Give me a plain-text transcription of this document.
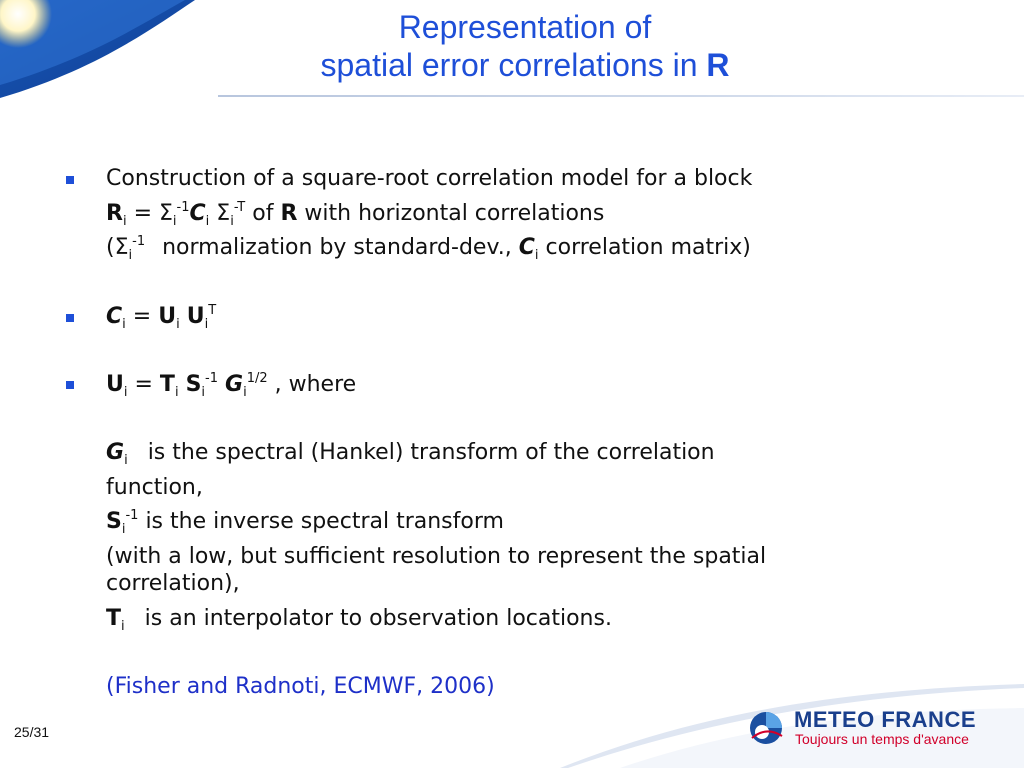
Representation of
spatial error correlations in R
Construction of a square-root correlation model for a block
$R_i = \Sigma_i^{-1}C_i$ $\Sigma_i^{-T}$ of R with horizontal correlations
($\Sigma_i^{-1}$ normalization by standard-dev., $C_i$ correlation matrix)
$C_i = U_i$ $U_i^T$
$U_i = T_i$ $S_i^{-1}$ $G_i^{1/2}$ , where
$G_i$ is the spectral (Hankel) transform of the correlation
function,
$S_i^{-1}$ is the inverse spectral transform
(with a low, but sufficient resolution to represent the spatial
correlation),
$T_i$ is an interpolator to observation locations.
(Fisher and Radnoti, ECMWF, 2006)
25/31	METEO FRANCE
Toujours un temps d'avance
